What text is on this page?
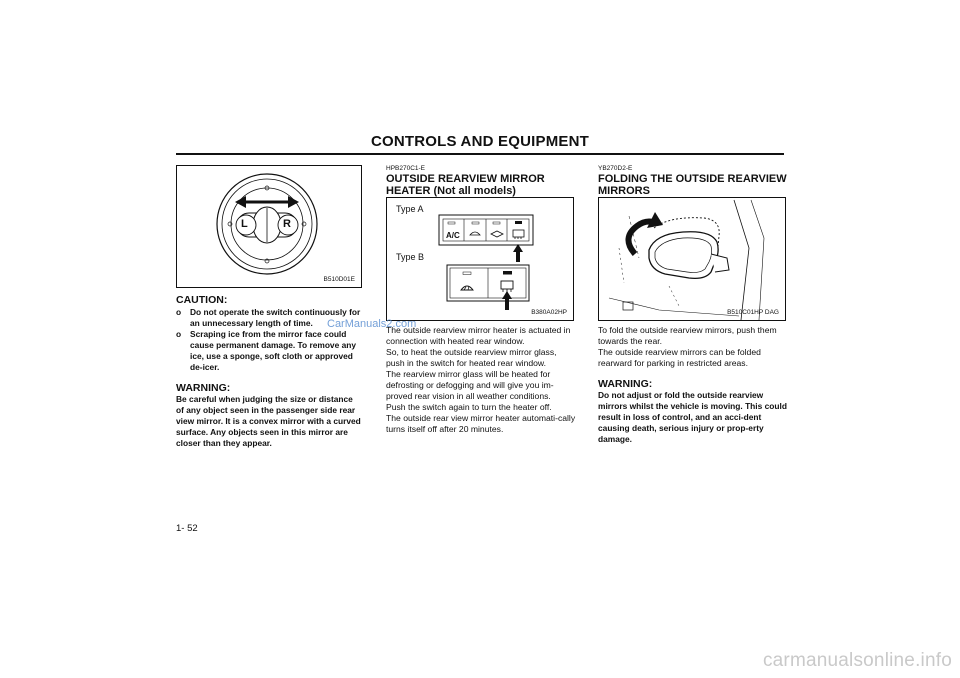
CONTROLS AND EQUIPMENT
L	R
B510D01E
CAUTION:
o	Do not operate the switch continuously for an unnecessary length of time.
o	Scraping ice from the mirror face could cause permanent damage. To remove any ice, use a sponge, soft cloth or approved de-icer.
WARNING:
Be careful when judging the size or distance of any object seen in the passenger side rear view mirror. It is a convex mirror with a curved surface. Any objects seen in this mirror are closer than they appear.
HPB270C1-E
OUTSIDE REARVIEW MIRROR
HEATER (Not all models)
Type A
Type B
A/C
B380A02HP

The outside rearview mirror heater is actuated in connection with heated rear window.

So, to heat the outside rearview mirror glass, push in the switch for heated rear window.

The rearview mirror glass will be heated for defrosting or defogging and will give you im-proved rear vision in all weather conditions.

Push the switch again to turn the heater off.

The outside rear view mirror heater automati-cally turns itself off after 20 minutes.

YB270D2-E
FOLDING THE OUTSIDE REARVIEW
MIRRORS
B510C01HP DAG

To fold the outside rearview mirrors, push them towards the rear.

The outside rearview mirrors can be folded rearward for parking in restricted areas.

WARNING:
Do not adjust or fold the outside rearview mirrors whilst the vehicle is moving. This could result in loss of control, and an acci-dent causing death, serious injury or prop-erty damage.
1- 52
CarManuals2.com
carmanualsonline.info
